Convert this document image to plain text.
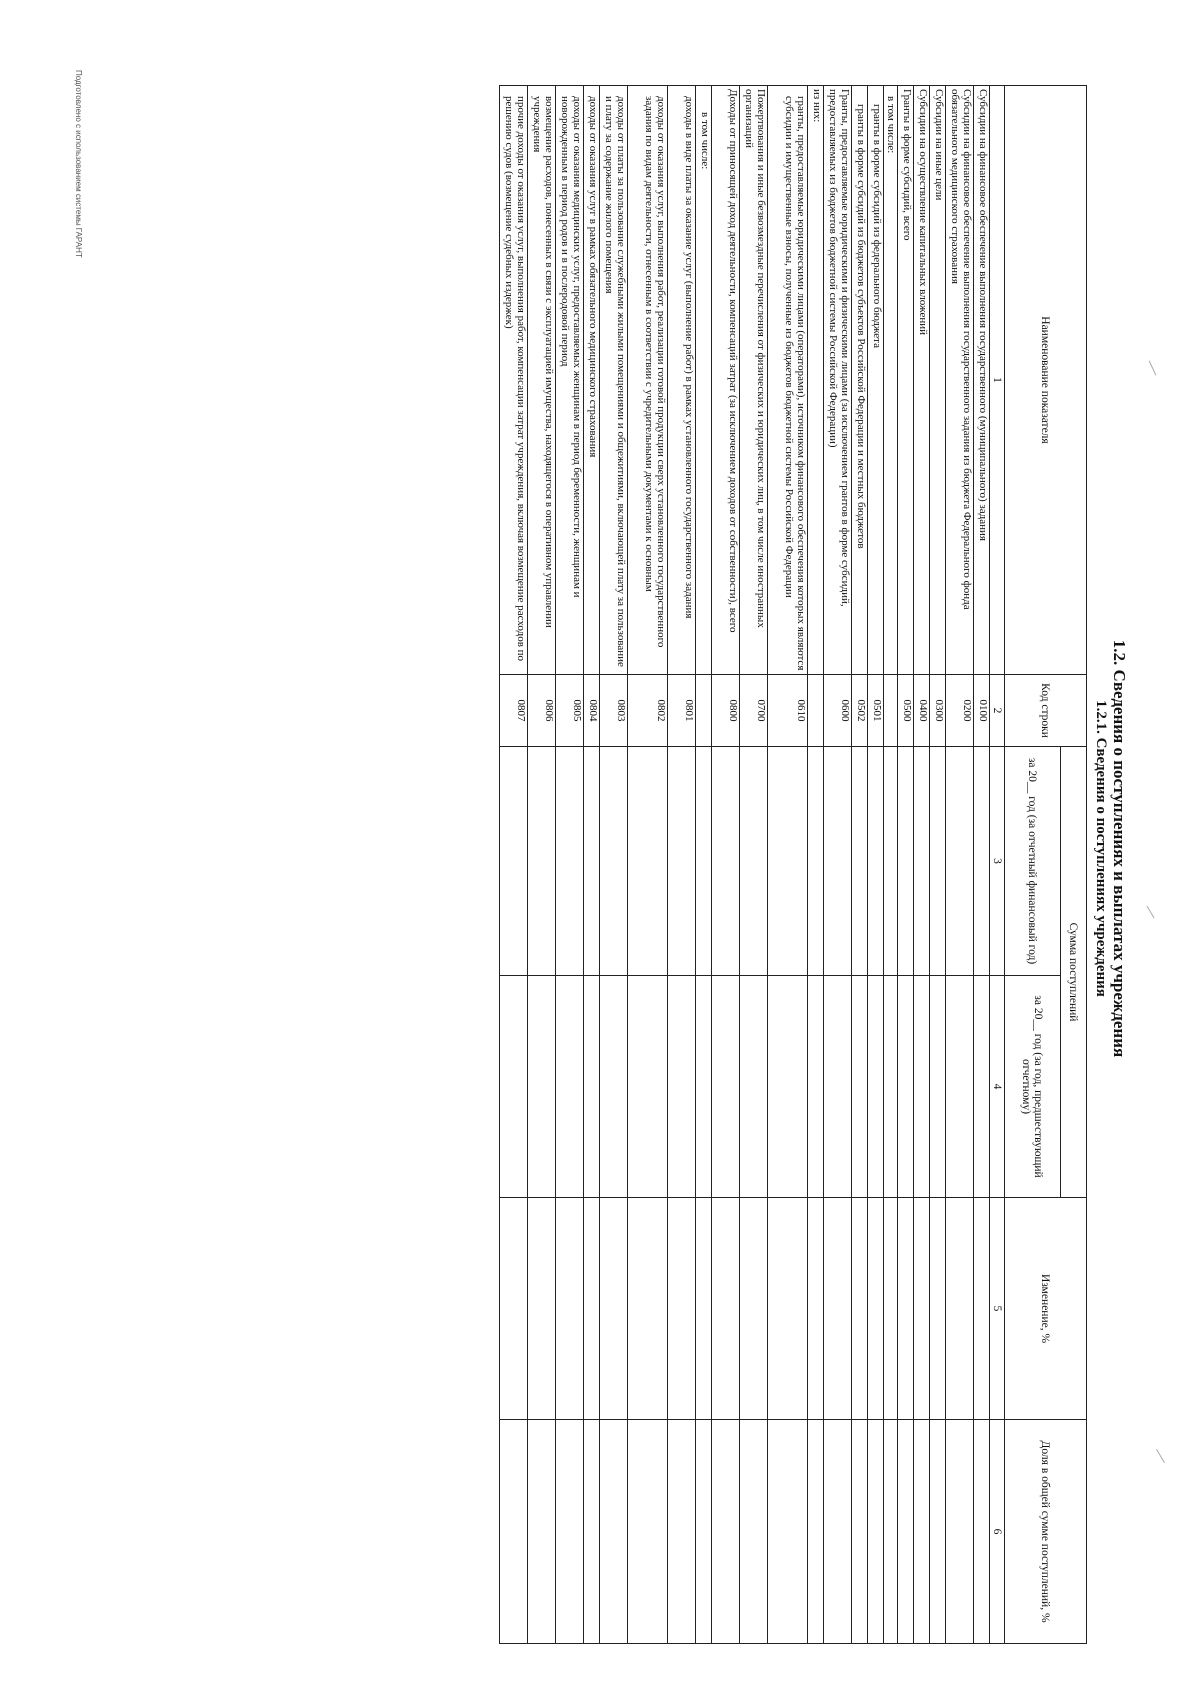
Подготовлено с использованием системы ГАРАНТ
1.2. Сведения о поступлениях и выплатах учреждения
1.2.1. Сведения о поступлениях учреждения
Наименование показателя	Код строки	Сумма поступлений		Изменение, %	Доля в общей сумме поступлений, %
		за 20__ год (за отчетный финансовый год)	за 20__ год (за год, предшествующий отчетному)		
1	2	3	4	5	6
Субсидии на финансовое обеспечение выполнения государственного (муниципального) задания	0100				
Субсидии на финансовое обеспечение выполнения государственного задания из бюджета Федерального фонда обязательного медицинского страхования	0200				
Субсидии на иные цели	0300				
Субсидии на осуществление капитальных вложений	0400				
Гранты в форме субсидий, всего	0500				
в том числе:					
гранты в форме субсидий из федерального бюджета	0501				
гранты в форме субсидий из бюджетов субъектов Российской Федерации и местных бюджетов	0502				
Гранты, предоставляемые юридическими и физическими лицами (за исключением грантов в форме субсидий, предоставляемых из бюджетов бюджетной системы Российской Федерации)	0600				
из них:					
гранты, предоставляемые юридическими лицами (операторами), источником финансового обеспечения которых являются субсидии и имущественные взносы, полученные из бюджетов бюджетной системы Российской Федерации	0610				
Пожертвования и иные безвозмездные перечисления от физических и юридических лиц, в том числе иностранных организаций	0700				
Доходы от приносящей доход деятельности, компенсаций затрат (за исключением доходов от собственности), всего	0800				
в том числе:					
доходы в виде платы за оказание услуг (выполнение работ) в рамках установленного государственного задания	0801				
доходы от оказания услуг, выполнения работ, реализации готовой продукции сверх установленного государственного задания по видам деятельности, отнесенным в соответствии с учредительными документами к основным	0802				
доходы от платы за пользование служебными жилыми помещениями и общежитиями, включающей плату за пользование и плату за содержание жилого помещения	0803				
доходы от оказания услуг в рамках обязательного медицинского страхования	0804				
доходы от оказания медицинских услуг, предоставляемых женщинам в период беременности, женщинам и новорожденным в период родов и в послеродовой период	0805				
возмещение расходов, понесенных в связи с эксплуатацией имущества, находящегося в оперативном управлении учреждения	0806				
прочие доходы от оказания услуг, выполнения работ, компенсации затрат учреждения, включая возмещение расходов по решению судов (возмещение судебных издержек)	0807				
